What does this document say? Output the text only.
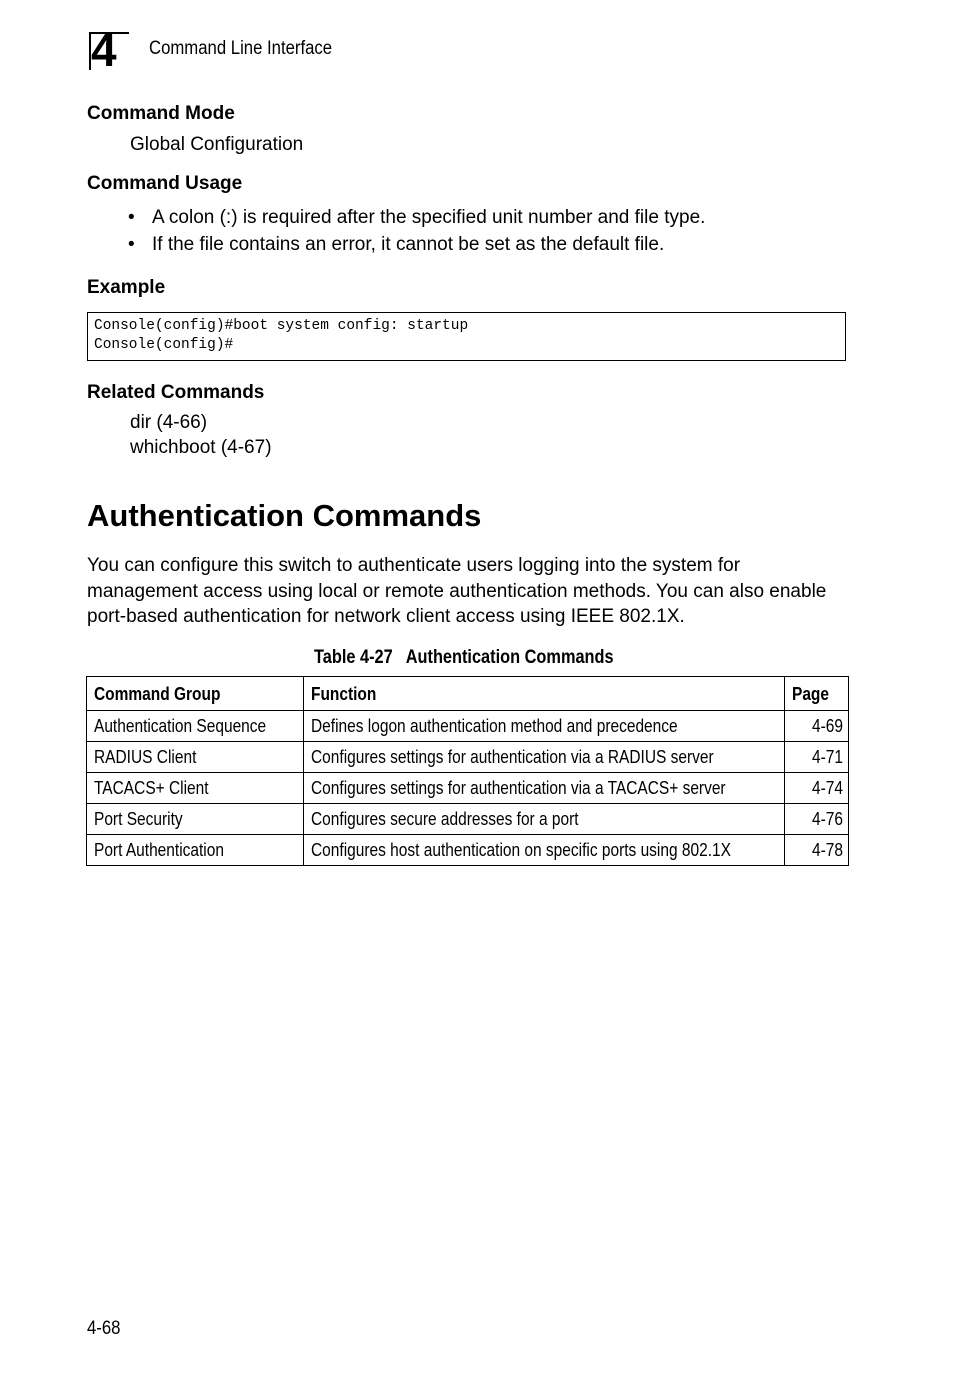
4 Command Line Interface
Command Mode
Global Configuration
Command Usage
• A colon (:) is required after the specified unit number and file type.
• If the file contains an error, it cannot be set as the default file.
Example
Console(config)#boot system config: startup
Console(config)#
Related Commands
dir (4-66)
whichboot (4-67)
Authentication Commands
You can configure this switch to authenticate users logging into the system for management access using local or remote authentication methods. You can also enable port-based authentication for network client access using IEEE 802.1X.
Table 4-27   Authentication Commands
Command Group	Function	Page
Authentication Sequence	Defines logon authentication method and precedence	4-69
RADIUS Client	Configures settings for authentication via a RADIUS server	4-71
TACACS+ Client	Configures settings for authentication via a TACACS+ server	4-74
Port Security	Configures secure addresses for a port	4-76
Port Authentication	Configures host authentication on specific ports using 802.1X	4-78
4-68
